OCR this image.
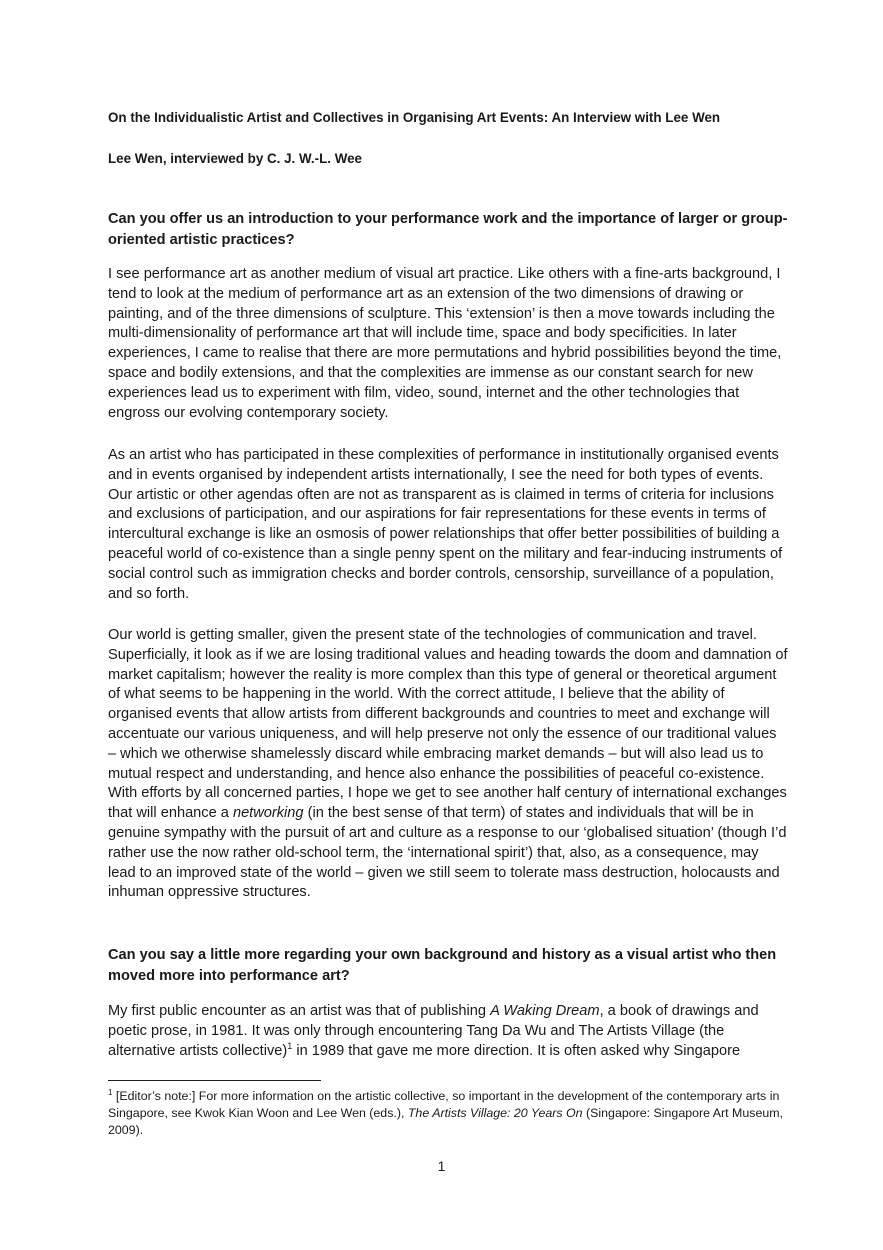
On the Individualistic Artist and Collectives in Organising Art Events: An Interview with Lee Wen

Lee Wen, interviewed by C. J. W.-L. Wee

Can you offer us an introduction to your performance work and the importance of larger or group-oriented artistic practices?

I see performance art as another medium of visual art practice. Like others with a fine-arts background, I tend to look at the medium of performance art as an extension of the two dimensions of drawing or painting, and of the three dimensions of sculpture. This ‘extension’ is then a move towards including the multi-dimensionality of performance art that will include time, space and body specificities. In later experiences, I came to realise that there are more permutations and hybrid possibilities beyond the time, space and bodily extensions, and that the complexities are immense as our constant search for new experiences lead us to experiment with film, video, sound, internet and the other technologies that engross our evolving contemporary society.

As an artist who has participated in these complexities of performance in institutionally organised events and in events organised by independent artists internationally, I see the need for both types of events. Our artistic or other agendas often are not as transparent as is claimed in terms of criteria for inclusions and exclusions of participation, and our aspirations for fair representations for these events in terms of intercultural exchange is like an osmosis of power relationships that offer better possibilities of building a peaceful world of co-existence than a single penny spent on the military and fear-inducing instruments of social control such as immigration checks and border controls, censorship, surveillance of a population, and so forth.

Our world is getting smaller, given the present state of the technologies of communication and travel. Superficially, it look as if we are losing traditional values and heading towards the doom and damnation of market capitalism; however the reality is more complex than this type of general or theoretical argument of what seems to be happening in the world. With the correct attitude, I believe that the ability of organised events that allow artists from different backgrounds and countries to meet and exchange will accentuate our various uniqueness, and will help preserve not only the essence of our traditional values – which we otherwise shamelessly discard while embracing market demands – but will also lead us to mutual respect and understanding, and hence also enhance the possibilities of peaceful co-existence. With efforts by all concerned parties, I hope we get to see another half century of international exchanges that will enhance a networking (in the best sense of that term) of states and individuals that will be in genuine sympathy with the pursuit of art and culture as a response to our ‘globalised situation’ (though I’d rather use the now rather old-school term, the ‘international spirit’) that, also, as a consequence, may lead to an improved state of the world – given we still seem to tolerate mass destruction, holocausts and inhuman oppressive structures.

Can you say a little more regarding your own background and history as a visual artist who then moved more into performance art?

My first public encounter as an artist was that of publishing A Waking Dream, a book of drawings and poetic prose, in 1981. It was only through encountering Tang Da Wu and The Artists Village (the alternative artists collective)$^1$ in 1989 that gave me more direction. It is often asked why Singapore

$^1$ [Editor’s note:] For more information on the artistic collective, so important in the development of the contemporary arts in Singapore, see Kwok Kian Woon and Lee Wen (eds.), The Artists Village: 20 Years On (Singapore: Singapore Art Museum, 2009).

1
